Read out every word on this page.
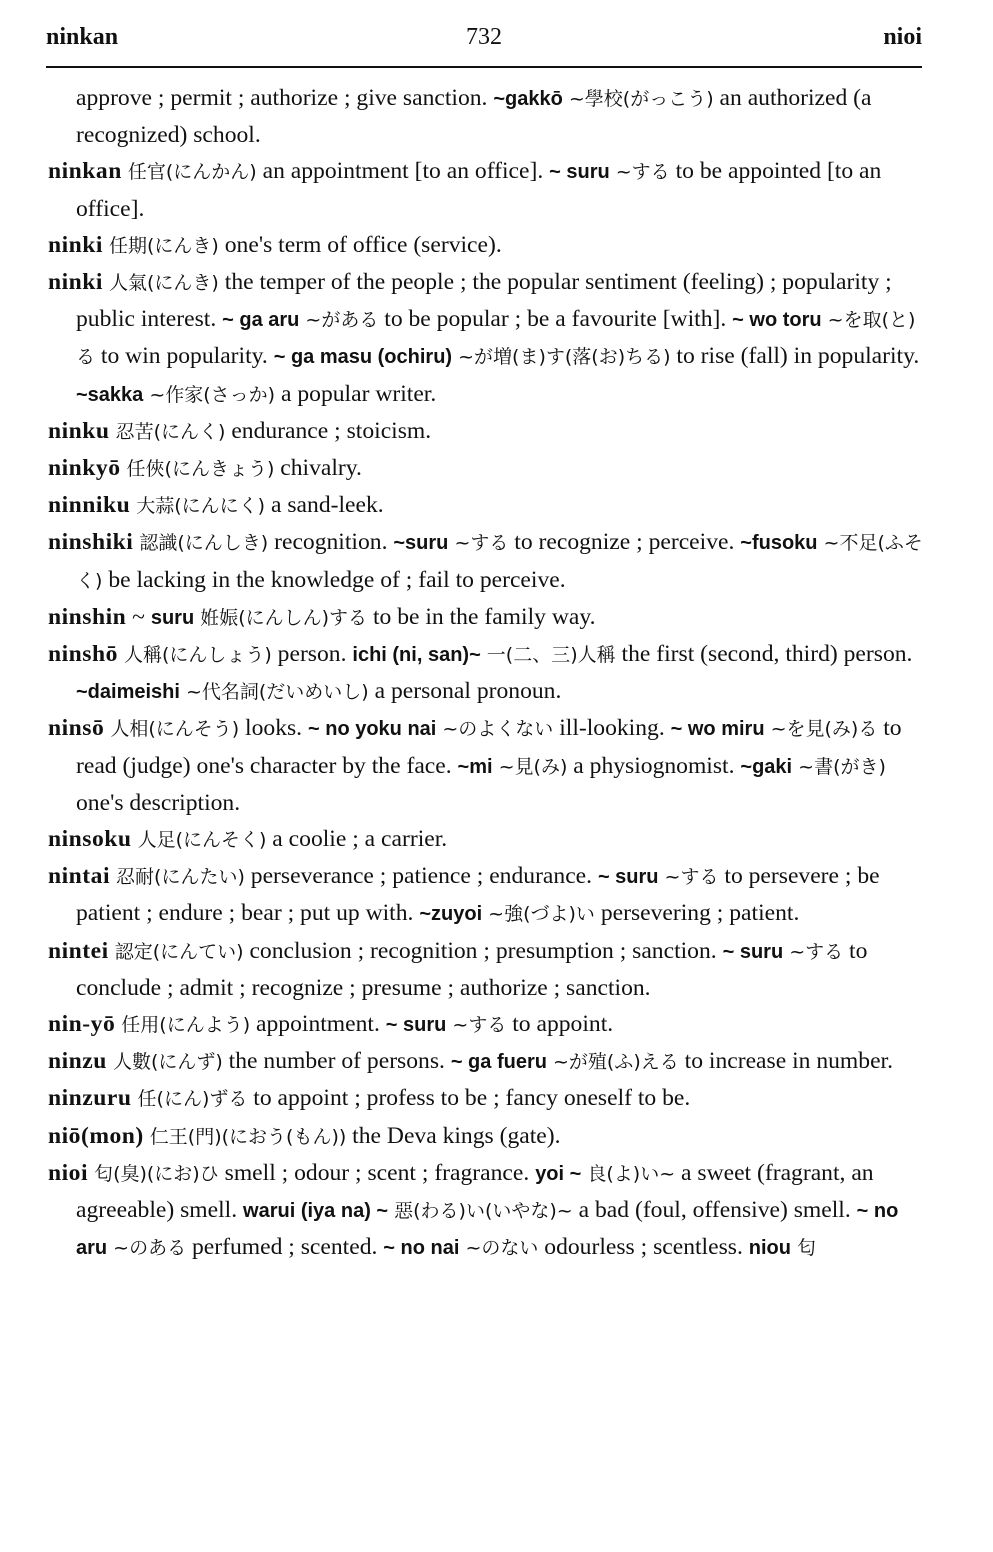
ninkan	732	nioi

approve ; permit ; authorize ; give sanction. ~gakkō ~學校(がっこう) an authorized (a recognized) school.

ninkan 任官(にんかん) an appointment [to an office]. ~ suru ~する to be appointed [to an office].

ninki 任期(にんき) one's term of office (service).

ninki 人氣(にんき) the temper of the people ; the popular sentiment (feeling) ; popularity ; public interest. ~ ga aru ~がある to be popular ; be a favourite [with]. ~ wo toru ~を取(と)る to win popularity. ~ ga masu (ochiru) ~が増(ま)す(落(お)ちる) to rise (fall) in popularity. ~sakka ~作家(さっか) a popular writer.

ninku 忍苦(にんく) endurance ; stoicism.

ninkyō 任俠(にんきょう) chivalry.

ninniku 大蒜(にんにく) a sand-leek.

ninshiki 認識(にんしき) recognition. ~suru ~する to recognize ; perceive. ~fusoku ~不足(ふそく) be lacking in the knowledge of ; fail to perceive.

ninshin ~ suru 姙娠(にんしん)する to be in the family way.

ninshō 人稱(にんしょう) person. ichi (ni, san)~ 一(二、三)人稱 the first (second, third) person. ~daimeishi ~代名詞(だいめいし) a personal pronoun.

ninsō 人相(にんそう) looks. ~ no yoku nai ~のよくない ill-looking. ~ wo miru ~を見(み)る to read (judge) one's character by the face. ~mi ~見(み) a physiognomist. ~gaki ~書(がき) one's description.

ninsoku 人足(にんそく) a coolie ; a carrier.

nintai 忍耐(にんたい) perseverance ; patience ; endurance. ~ suru ~する to persevere ; be patient ; endure ; bear ; put up with. ~zuyoi ~強(づよ)い persevering ; patient.

nintei 認定(にんてい) conclusion ; recognition ; presumption ; sanction. ~ suru ~する to conclude ; admit ; recognize ; presume ; authorize ; sanction.

nin-yō 任用(にんよう) appointment. ~ suru ~する to appoint.

ninzu 人數(にんず) the number of persons. ~ ga fueru ~が殖(ふ)える to increase in number.

ninzuru 任(にん)ずる to appoint ; profess to be ; fancy oneself to be.

niō(mon) 仁王(門)(におう(もん)) the Deva kings (gate).

nioi 匂(臭)(にお)ひ smell ; odour ; scent ; fragrance. yoi ~ 良(よ)い~ a sweet (fragrant, an agreeable) smell. warui (iya na) ~ 惡(わる)い(いやな)~ a bad (foul, offensive) smell. ~ no aru ~のある perfumed ; scented. ~ no nai ~のない odourless ; scentless. niou 匂
